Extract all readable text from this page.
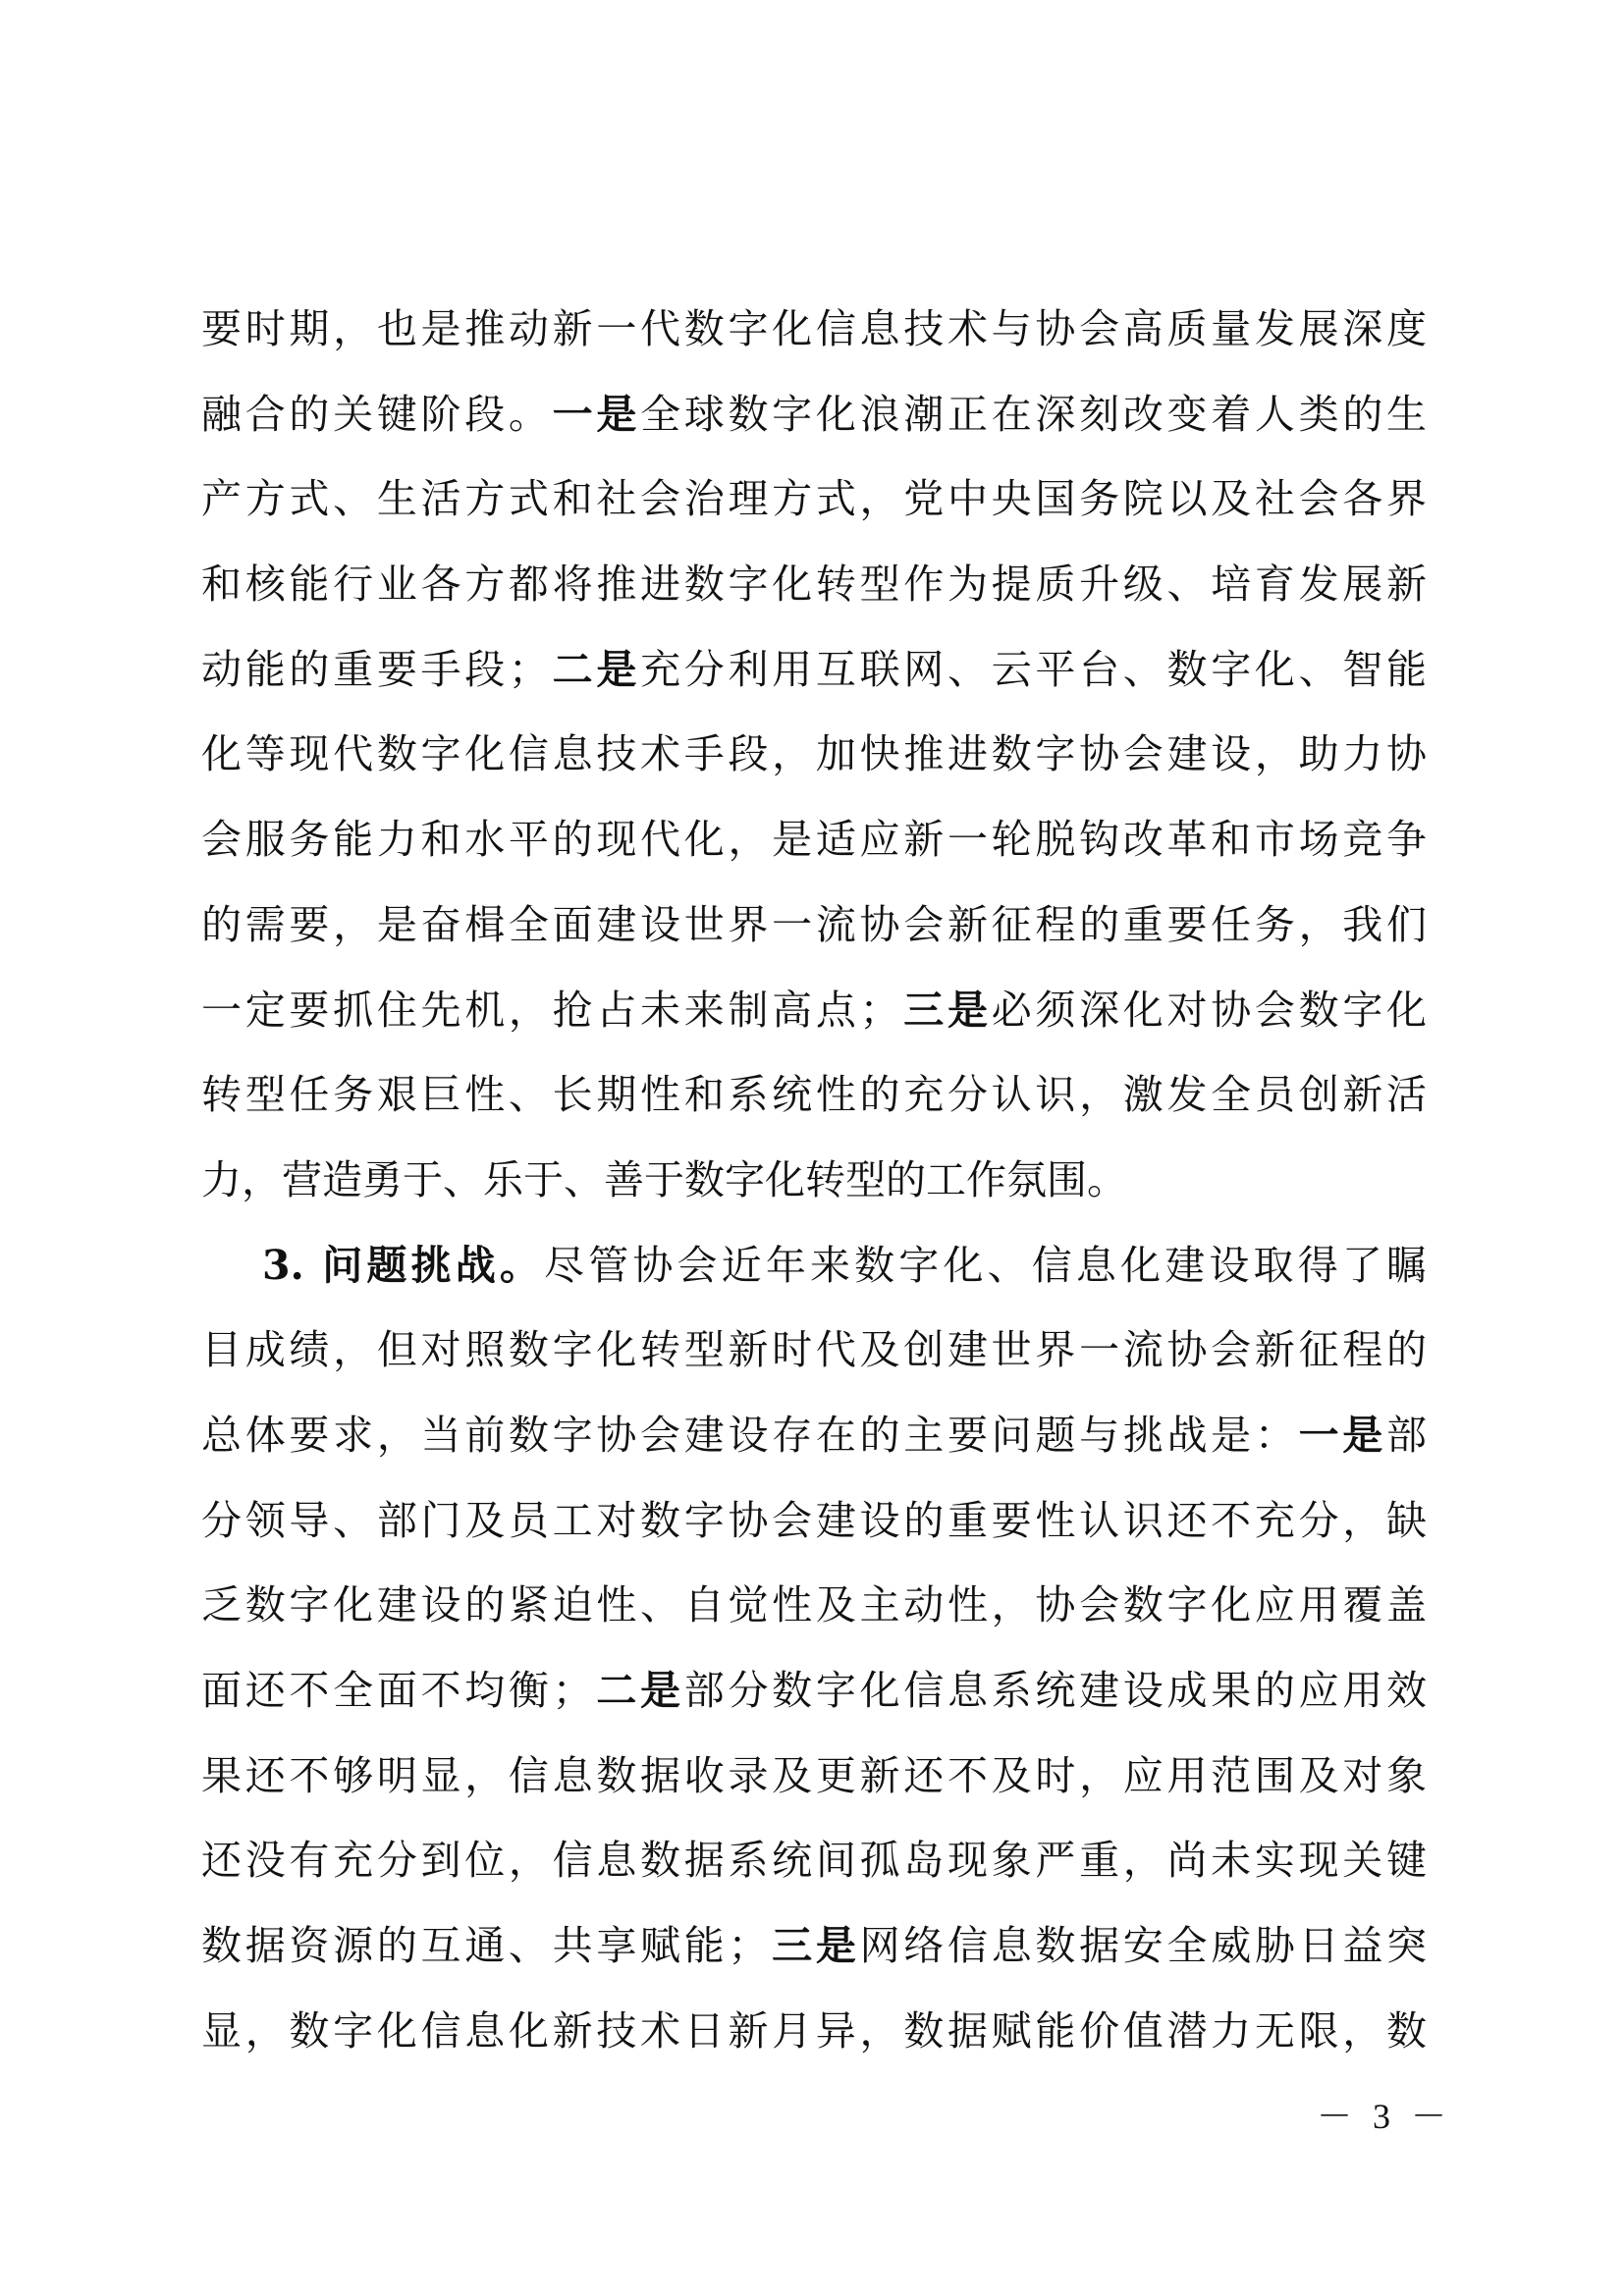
要时期，也是推动新一代数字化信息技术与协会高质量发展深度
融合的关键阶段。一是全球数字化浪潮正在深刻改变着人类的生
产方式、生活方式和社会治理方式，党中央国务院以及社会各界
和核能行业各方都将推进数字化转型作为提质升级、培育发展新
动能的重要手段；二是充分利用互联网、云平台、数字化、智能
化等现代数字化信息技术手段，加快推进数字协会建设，助力协
会服务能力和水平的现代化，是适应新一轮脱钩改革和市场竞争
的需要，是奋楫全面建设世界一流协会新征程的重要任务，我们
一定要抓住先机，抢占未来制高点；三是必须深化对协会数字化
转型任务艰巨性、长期性和系统性的充分认识，激发全员创新活
力，营造勇于、乐于、善于数字化转型的工作氛围。
3. 问题挑战。尽管协会近年来数字化、信息化建设取得了瞩
目成绩，但对照数字化转型新时代及创建世界一流协会新征程的
总体要求，当前数字协会建设存在的主要问题与挑战是：一是部
分领导、部门及员工对数字协会建设的重要性认识还不充分，缺
乏数字化建设的紧迫性、自觉性及主动性，协会数字化应用覆盖
面还不全面不均衡；二是部分数字化信息系统建设成果的应用效
果还不够明显，信息数据收录及更新还不及时，应用范围及对象
还没有充分到位，信息数据系统间孤岛现象严重，尚未实现关键
数据资源的互通、共享赋能；三是网络信息数据安全威胁日益突
显，数字化信息化新技术日新月异，数据赋能价值潜力无限，数
－ 3 －
